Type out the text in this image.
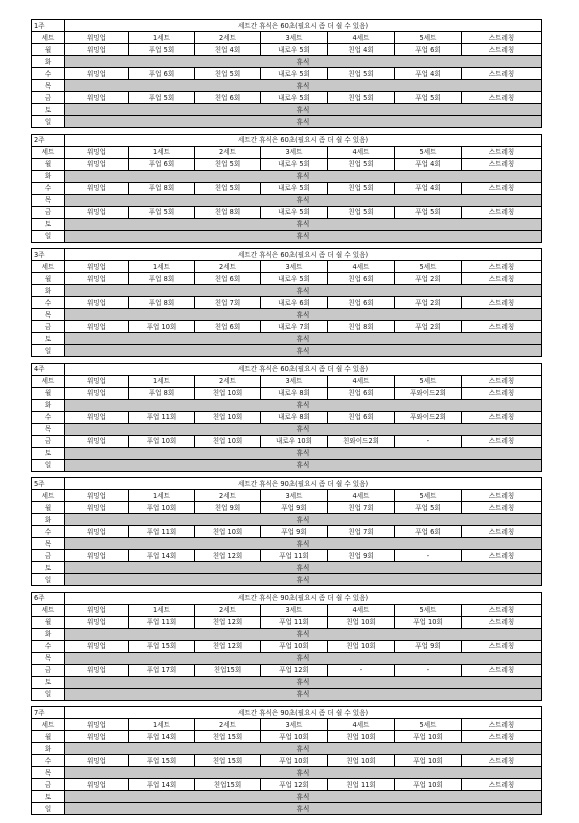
1주	세트간 휴식은 60초(필요시 좀 더 쉴 수 있음)						
세트	워밍업	1세트	2세트	3세트	4세트	5세트	스트레칭
월	워밍업	푸업 5회	친업 4회	내로우 5회	친업 4회	푸업 6회	스트레칭
화	휴식						
수	워밍업	푸업 6회	친업 5회	내로우 5회	친업 5회	푸업 4회	스트레칭
목	휴식						
금	워밍업	푸업 5회	친업 6회	내로우 5회	친업 5회	푸업 5회	스트레칭
토	휴식						
일	휴식						
2주	세트간 휴식은 60초(필요시 좀 더 쉴 수 있음)						
세트	워밍업	1세트	2세트	3세트	4세트	5세트	스트레칭
월	워밍업	푸업 6회	친업 5회	내로우 5회	친업 5회	푸업 4회	스트레칭
화	휴식						
수	워밍업	푸업 8회	친업 5회	내로우 5회	친업 5회	푸업 4회	스트레칭
목	휴식						
금	워밍업	푸업 5회	친업 8회	내로우 5회	친업 5회	푸업 5회	스트레칭
토	휴식						
일	휴식						
3주	세트간 휴식은 60초(필요시 좀 더 쉴 수 있음)						
세트	워밍업	1세트	2세트	3세트	4세트	5세트	스트레칭
월	워밍업	푸업 8회	친업 6회	내로우 5회	친업 6회	푸업 2회	스트레칭
화	휴식						
수	워밍업	푸업 8회	친업 7회	내로우 6회	친업 6회	푸업 2회	스트레칭
목	휴식						
금	워밍업	푸업 10회	친업 6회	내로우 7회	친업 8회	푸업 2회	스트레칭
토	휴식						
일	휴식						
4주	세트간 휴식은 60초(필요시 좀 더 쉴 수 있음)						
세트	워밍업	1세트	2세트	3세트	4세트	5세트	스트레칭
월	워밍업	푸업 8회	친업 10회	내로우 8회	친업 6회	푸와이드2회	스트레칭
화	휴식						
수	워밍업	푸업 11회	친업 10회	내로우 8회	친업 6회	푸와이드2회	스트레칭
목	휴식						
금	워밍업	푸업 10회	친업 10회	내로우 10회	친와이드2회	-	스트레칭
토	휴식						
일	휴식						
5주	세트간 휴식은 90초(필요시 좀 더 쉴 수 있음)						
세트	워밍업	1세트	2세트	3세트	4세트	5세트	스트레칭
월	워밍업	푸업 10회	친업 9회	푸업 9회	친업 7회	푸업 5회	스트레칭
화	휴식						
수	워밍업	푸업 11회	친업 10회	푸업 9회	친업 7회	푸업 6회	스트레칭
목	휴식						
금	워밍업	푸업 14회	친업 12회	푸업 11회	친업 9회	-	스트레칭
토	휴식						
일	휴식						
6주	세트간 휴식은 90초(필요시 좀 더 쉴 수 있음)						
세트	워밍업	1세트	2세트	3세트	4세트	5세트	스트레칭
월	워밍업	푸업 11회	친업 12회	푸업 11회	친업 10회	푸업 10회	스트레칭
화	휴식						
수	워밍업	푸업 15회	친업 12회	푸업 10회	친업 10회	푸업 9회	스트레칭
목	휴식						
금	워밍업	푸업 17회	친업15회	푸업 12회	-	-	스트레칭
토	휴식						
일	휴식						
7주	세트간 휴식은 90초(필요시 좀 더 쉴 수 있음)						
세트	워밍업	1세트	2세트	3세트	4세트	5세트	스트레칭
월	워밍업	푸업 14회	친업 15회	푸업 10회	친업 10회	푸업 10회	스트레칭
화	휴식						
수	워밍업	푸업 15회	친업 15회	푸업 10회	친업 10회	푸업 10회	스트레칭
목	휴식						
금	워밍업	푸업 14회	친업15회	푸업 12회	친업 11회	푸업 10회	스트레칭
토	휴식						
일	휴식						
